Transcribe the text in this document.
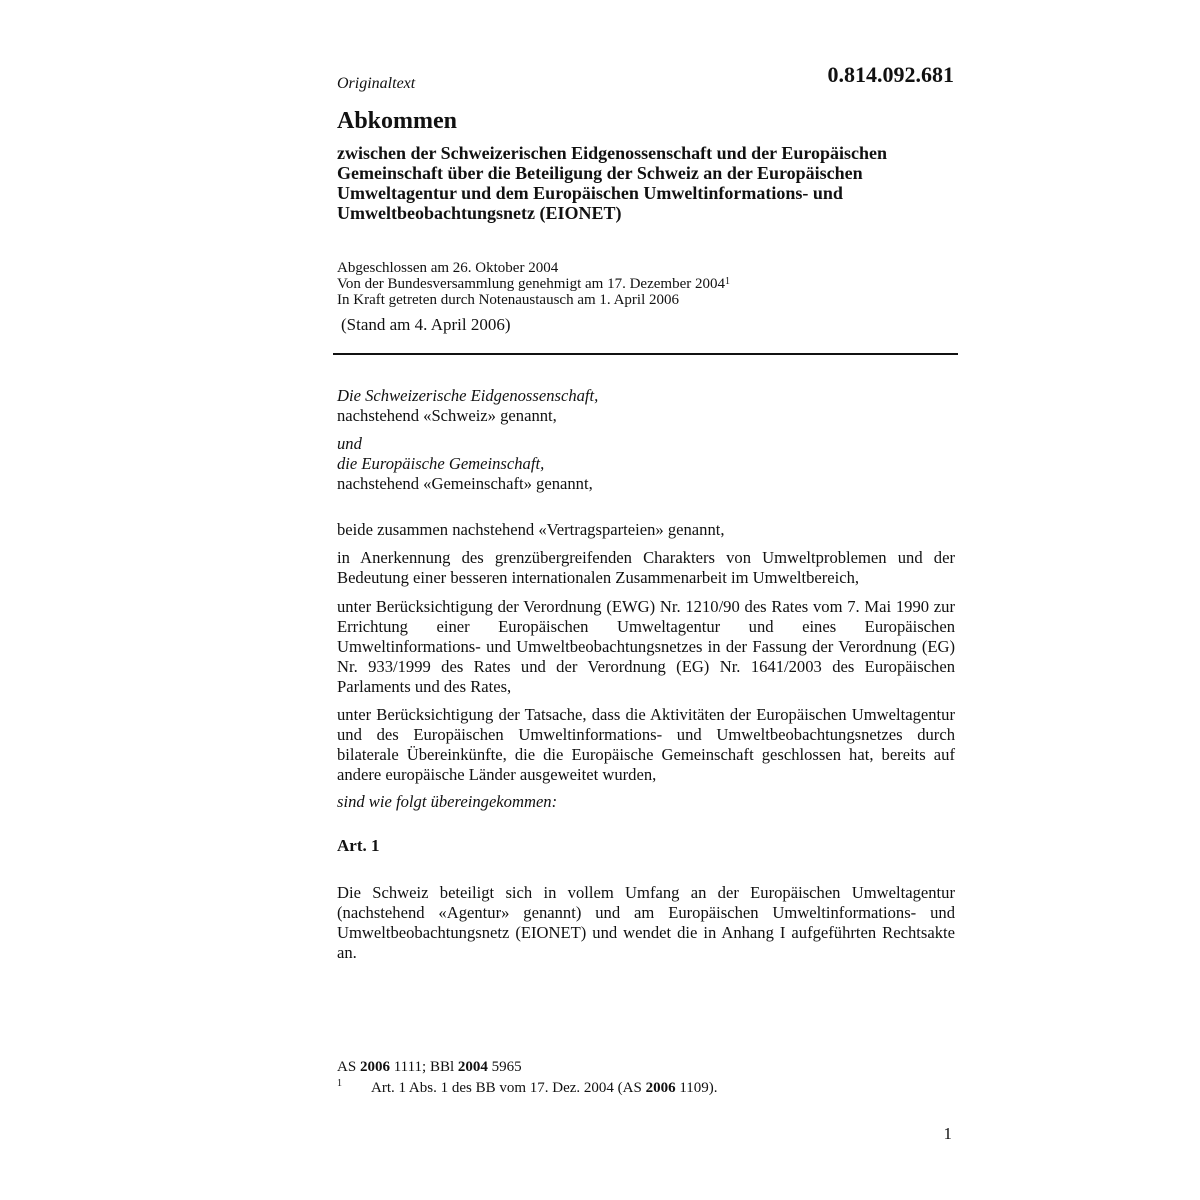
Originaltext	0.814.092.681
Abkommen
zwischen der Schweizerischen Eidgenossenschaft und der Europäischen Gemeinschaft über die Beteiligung der Schweiz an der Europäischen Umweltagentur und dem Europäischen Umweltinformations- und Umweltbeobachtungsnetz (EIONET)
Abgeschlossen am 26. Oktober 2004
Von der Bundesversammlung genehmigt am 17. Dezember 2004$^1$
In Kraft getreten durch Notenaustausch am 1. April 2006
(Stand am 4. April 2006)

Die Schweizerische Eidgenossenschaft,

nachstehend «Schweiz» genannt,

und

die Europäische Gemeinschaft,

nachstehend «Gemeinschaft» genannt,

beide zusammen nachstehend «Vertragsparteien» genannt,

in Anerkennung des grenzübergreifenden Charakters von Umweltproblemen und der Bedeutung einer besseren internationalen Zusammenarbeit im Umweltbereich,

unter Berücksichtigung der Verordnung (EWG) Nr. 1210/90 des Rates vom 7. Mai 1990 zur Errichtung einer Europäischen Umweltagentur und eines Europäischen Umweltinformations- und Umweltbeobachtungsnetzes in der Fassung der Verordnung (EG) Nr. 933/1999 des Rates und der Verordnung (EG) Nr. 1641/2003 des Europäischen Parlaments und des Rates,

unter Berücksichtigung der Tatsache, dass die Aktivitäten der Europäischen Umweltagentur und des Europäischen Umweltinformations- und Umweltbeobachtungsnetzes durch bilaterale Übereinkünfte, die die Europäische Gemeinschaft geschlossen hat, bereits auf andere europäische Länder ausgeweitet wurden,

sind wie folgt übereingekommen:

Art. 1

Die Schweiz beteiligt sich in vollem Umfang an der Europäischen Umweltagentur (nachstehend «Agentur» genannt) und am Europäischen Umweltinformations- und Umweltbeobachtungsnetz (EIONET) und wendet die in Anhang I aufgeführten Rechtsakte an.

AS 2006 1111; BBl 2004 5965
1 Art. 1 Abs. 1 des BB vom 17. Dez. 2004 (AS 2006 1109).
1
